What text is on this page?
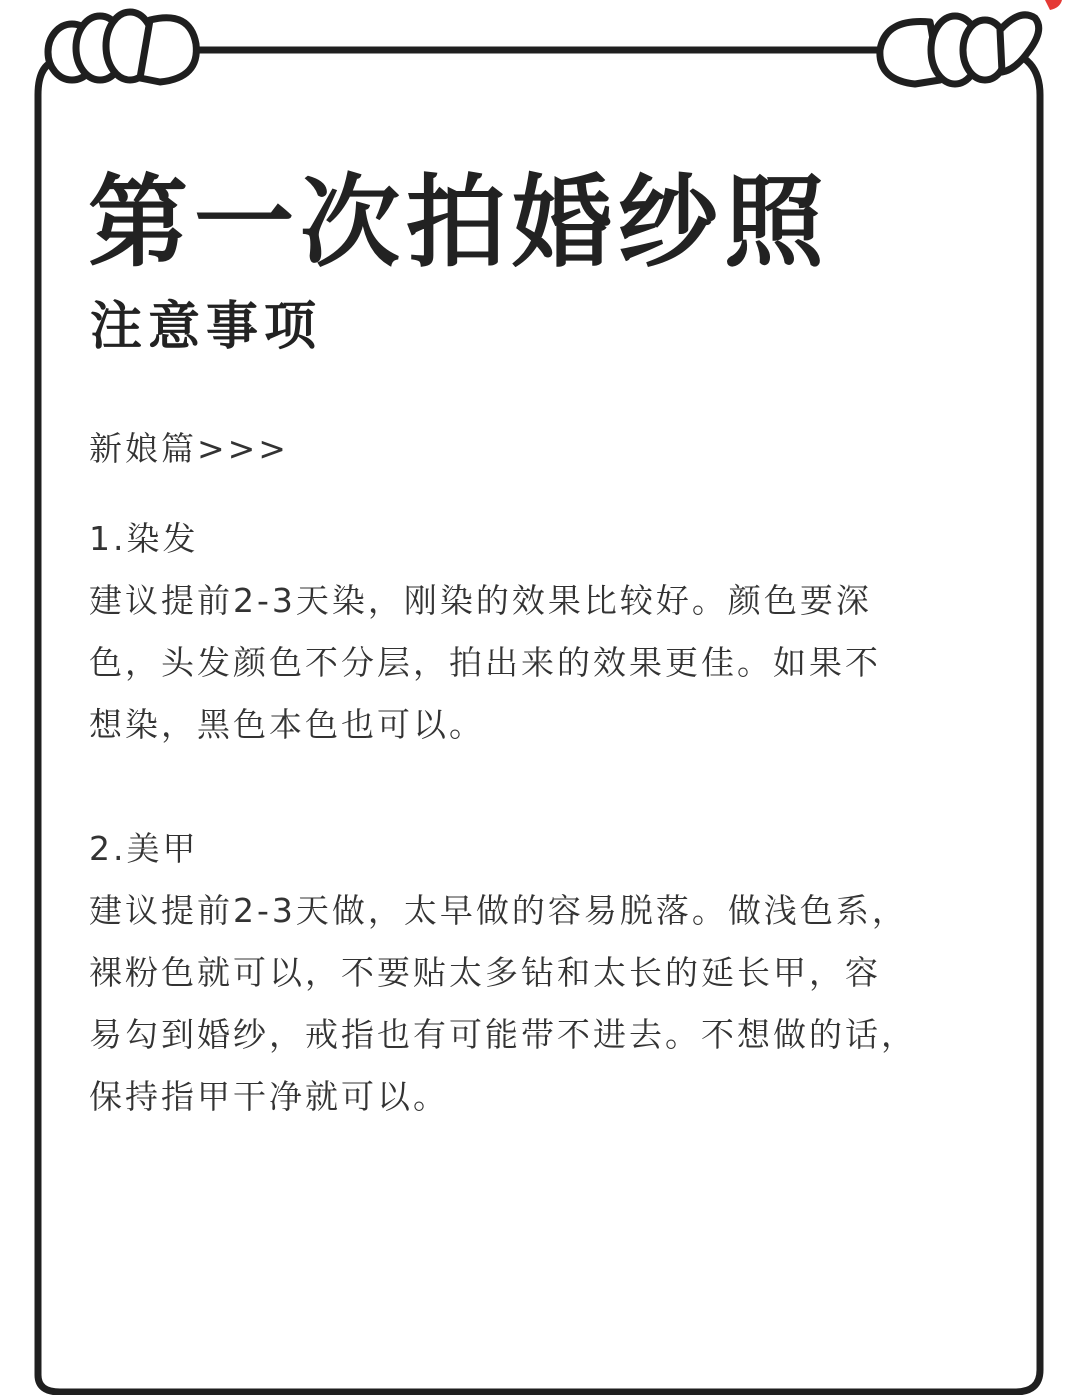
第一次拍婚纱照
注意事项

新娘篇>>>

1.染发

建议提前2-3天染，刚染的效果比较好。颜色要深

色，头发颜色不分层，拍出来的效果更佳。如果不

想染，黑色本色也可以。

2.美甲

建议提前2-3天做，太早做的容易脱落。做浅色系，

裸粉色就可以，不要贴太多钻和太长的延长甲，容

易勾到婚纱，戒指也有可能带不进去。不想做的话，

保持指甲干净就可以。
